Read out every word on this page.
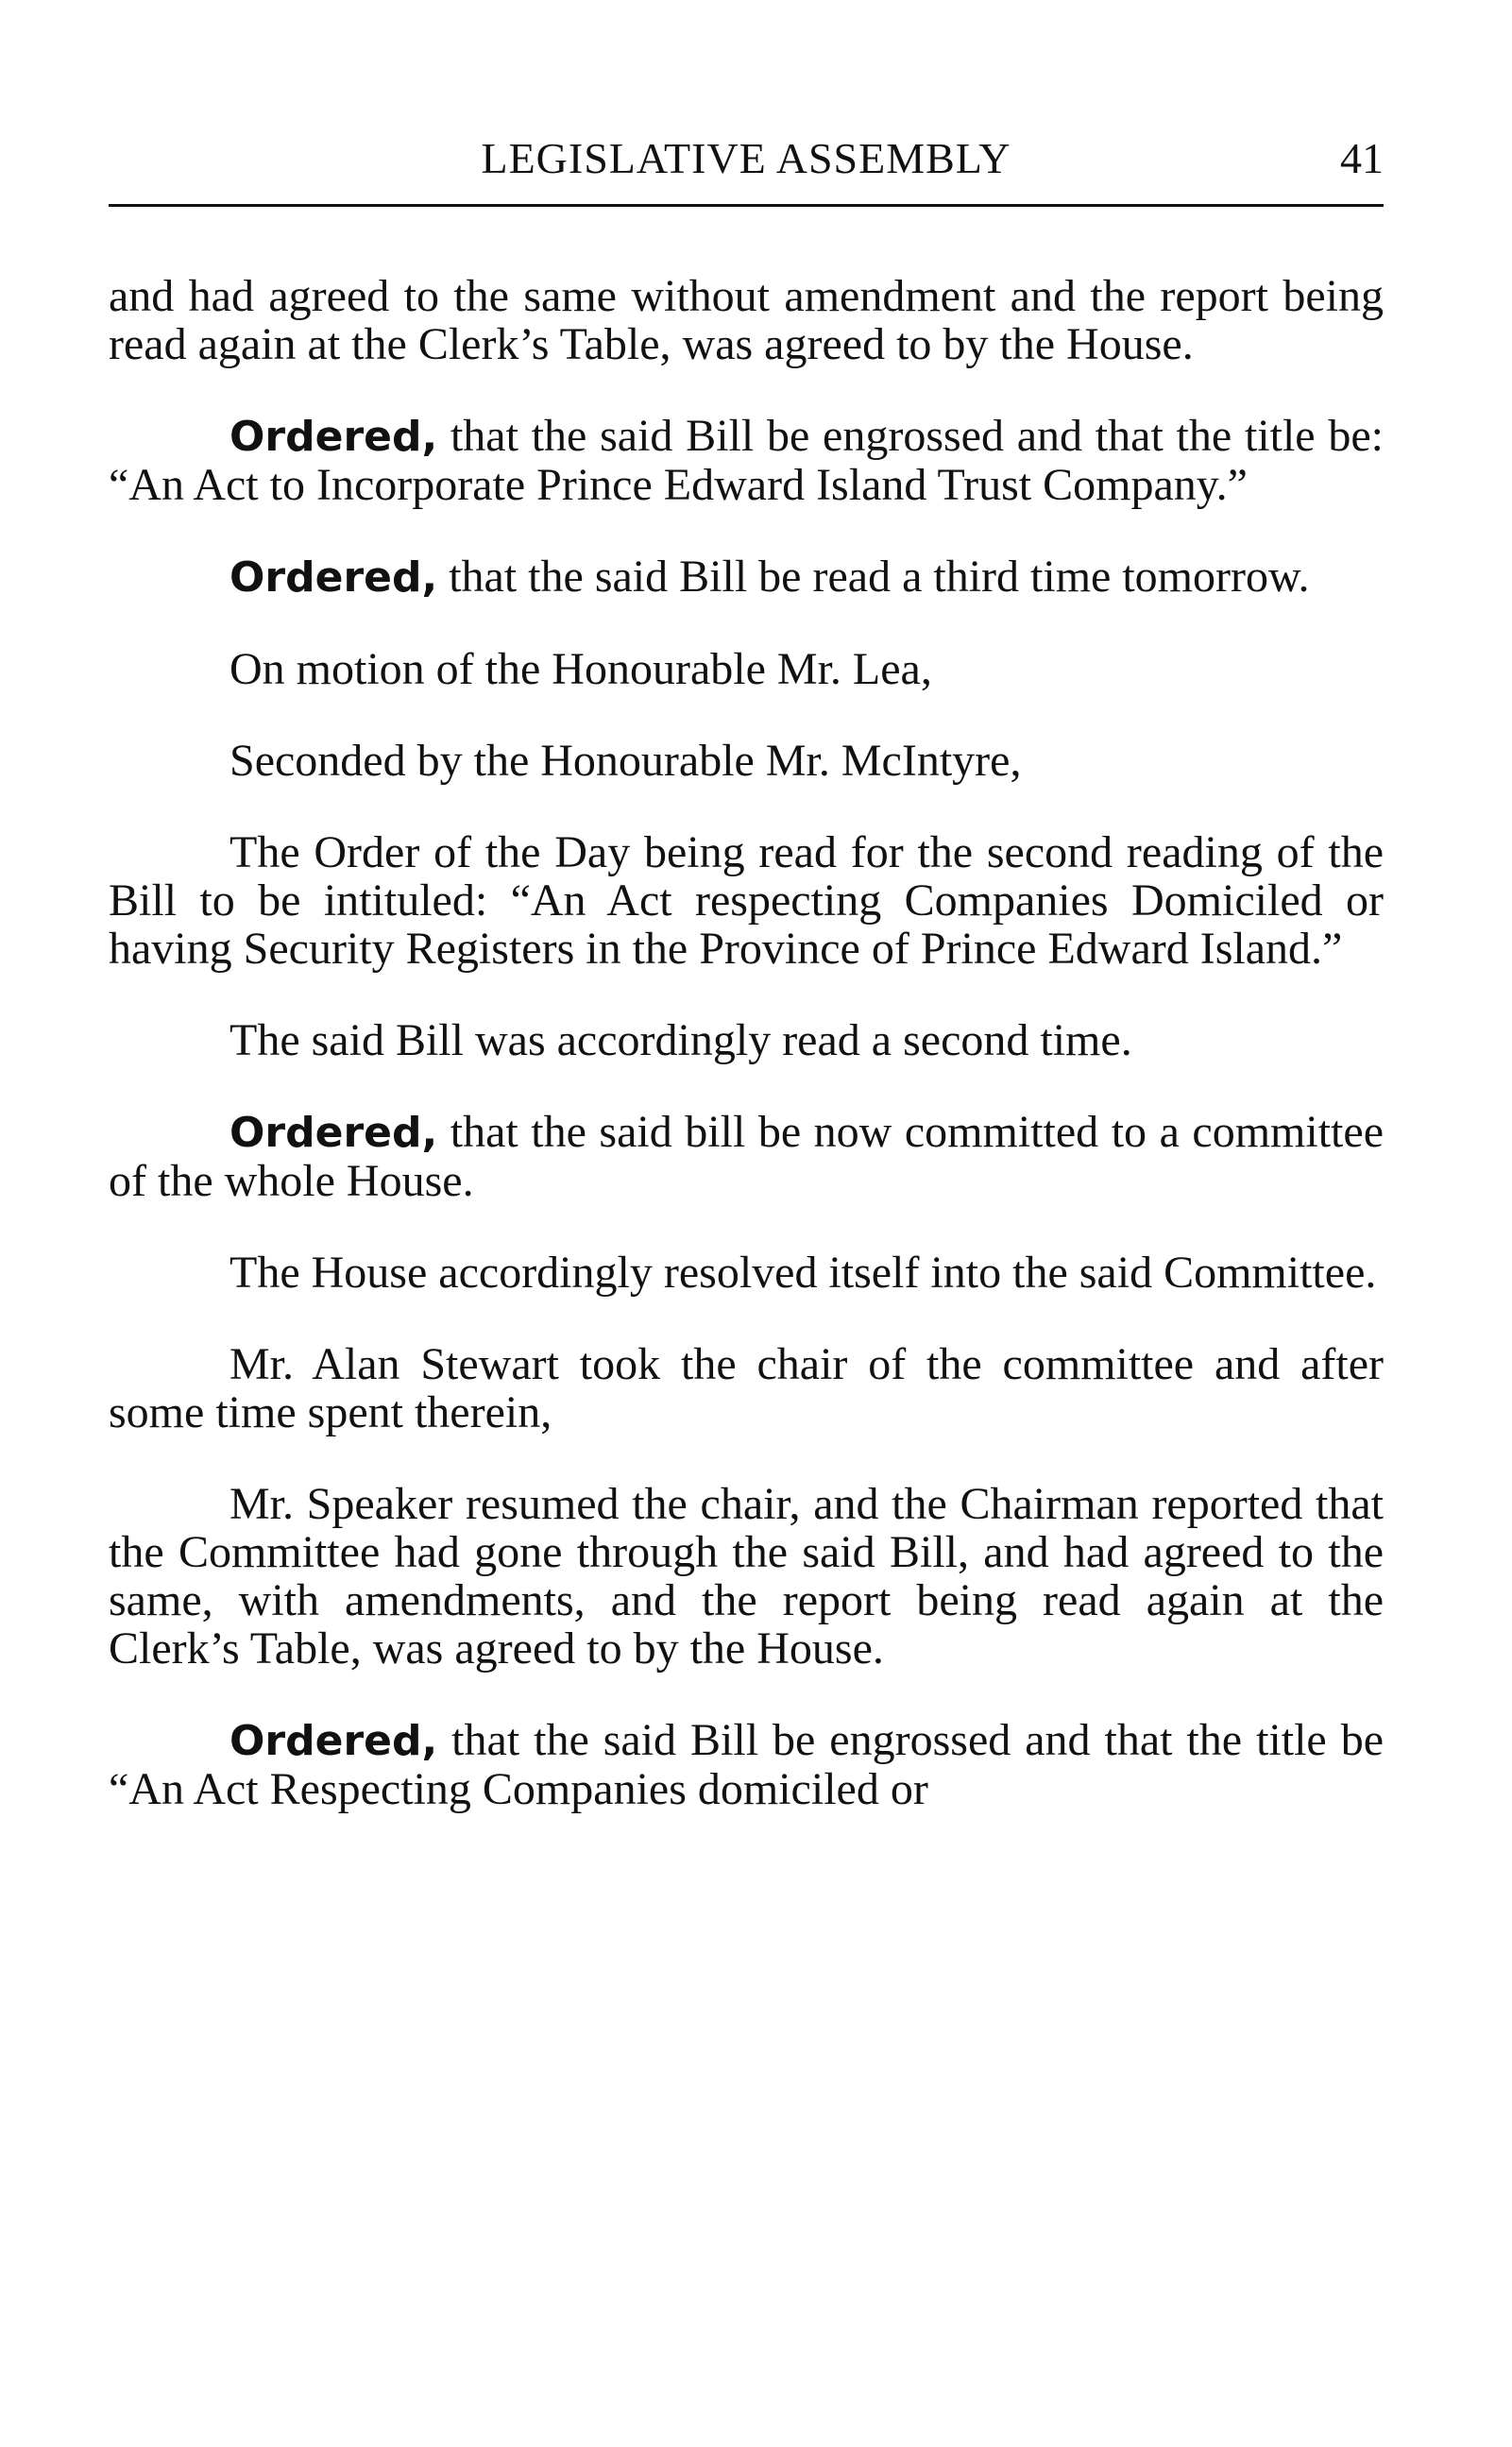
LEGISLATIVE ASSEMBLY	41

and had agreed to the same without amendment and the report being read again at the Clerk’s Table, was agreed to by the House.

Ordered, that the said Bill be engrossed and that the title be: “An Act to Incorporate Prince Edward Island Trust Company.”

Ordered, that the said Bill be read a third time tomorrow.

On motion of the Honourable Mr. Lea,

Seconded by the Honourable Mr. McIntyre,

The Order of the Day being read for the second reading of the Bill to be intituled: “An Act respecting Companies Domiciled or having Security Registers in the Province of Prince Edward Island.”

The said Bill was accordingly read a second time.

Ordered, that the said bill be now committed to a committee of the whole House.

The House accordingly resolved itself into the said Committee.

Mr. Alan Stewart took the chair of the committee and after some time spent therein,

Mr. Speaker resumed the chair, and the Chairman reported that the Committee had gone through the said Bill, and had agreed to the same, with amendments, and the report being read again at the Clerk’s Table, was agreed to by the House.

Ordered, that the said Bill be engrossed and that the title be “An Act Respecting Companies domiciled or
